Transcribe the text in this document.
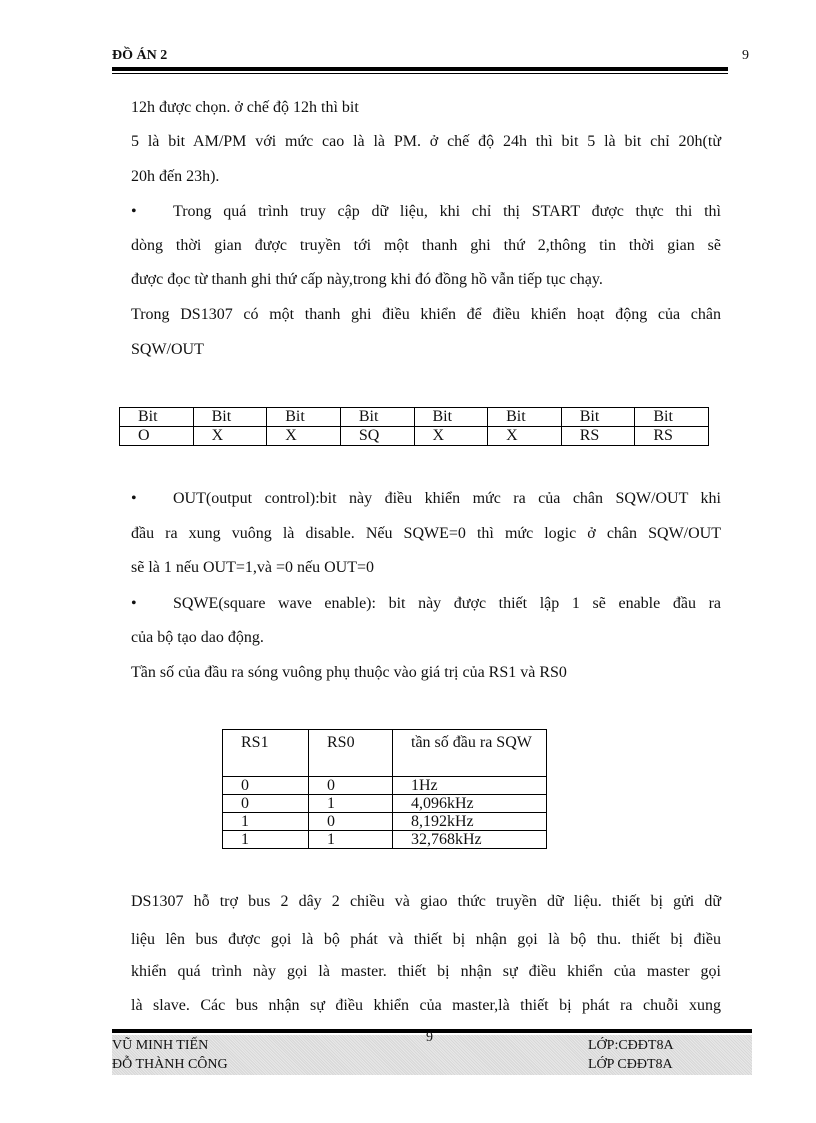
ĐỒ ÁN 2	9
12h được chọn. ở chế độ 12h thì bit
5 là bit AM/PM với mức cao là là PM. ở chế độ 24h thì bit 5 là bit chỉ 20h(từ
20h đến 23h).
• Trong quá trình truy cập dữ liệu, khi chỉ thị START được thực thi thì
dòng thời gian được truyền tới một thanh ghi thứ 2,thông tin thời gian sẽ
được đọc từ thanh ghi thứ cấp này,trong khi đó đồng hồ vẫn tiếp tục chạy.
Trong DS1307 có một thanh ghi điều khiển để điều khiển hoạt động của chân
SQW/OUT
Bit	Bit	Bit	Bit	Bit	Bit	Bit	Bit
O	X	X	SQ	X	X	RS	RS
• OUT(output control):bit này điều khiển mức ra của chân SQW/OUT khi
đầu ra xung vuông là disable. Nếu SQWE=0 thì mức logic ở chân SQW/OUT
sẽ là 1 nếu OUT=1,và =0 nếu OUT=0
• SQWE(square wave enable): bit này được thiết lập 1 sẽ enable đầu ra
của bộ tạo dao động.
Tần số của đầu ra sóng vuông phụ thuộc vào giá trị của RS1 và RS0
RS1	RS0	tần số đầu ra SQW

0	0	1Hz
0	1	4,096kHz
1	0	8,192kHz
1	1	32,768kHz
DS1307 hỗ trợ bus 2 dây 2 chiều và giao thức truyền dữ liệu. thiết bị gửi dữ
liệu lên bus được gọi là bộ phát và thiết bị nhận gọi là bộ thu. thiết bị điều
khiển quá trình này gọi là master. thiết bị nhận sự điều khiển của master gọi
là slave. Các bus nhận sự điều khiển của master,là thiết bị phát ra chuỗi xung
9
VŨ MINH TIẾN
ĐỖ THÀNH CÔNG
LỚP:CĐĐT8A
LỚP CĐĐT8A
